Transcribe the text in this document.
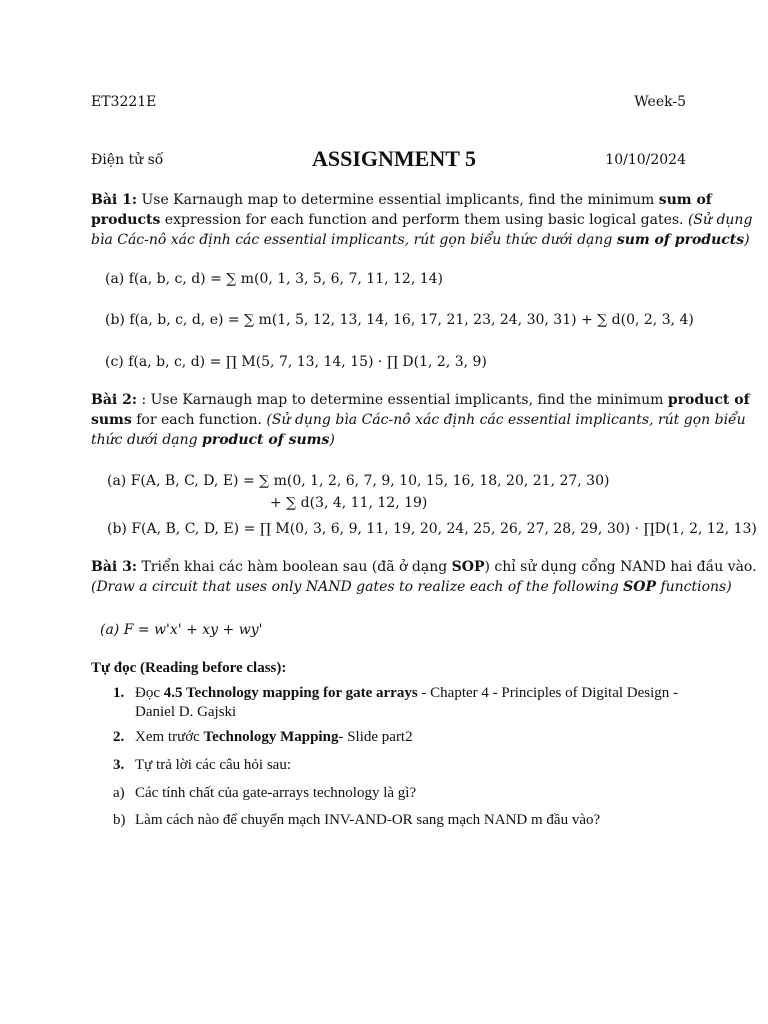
ET3221E	Week-5
Điện tử số	ASSIGNMENT 5	10/10/2024
Bài 1: Use Karnaugh map to determine essential implicants, find the minimum sum of
products expression for each function and perform them using basic logical gates. (Sử dụng
bìa Các-nô xác định các essential implicants, rút gọn biểu thức dưới dạng sum of products)
(a) f(a, b, c, d) = ∑ m(0, 1, 3, 5, 6, 7, 11, 12, 14)
(b) f(a, b, c, d, e) = ∑ m(1, 5, 12, 13, 14, 16, 17, 21, 23, 24, 30, 31) + ∑ d(0, 2, 3, 4)
(c) f(a, b, c, d) = ∏ M(5, 7, 13, 14, 15) · ∏ D(1, 2, 3, 9)
Bài 2: : Use Karnaugh map to determine essential implicants, find the minimum product of
sums for each function. (Sử dụng bìa Các-nô xác định các essential implicants, rút gọn biểu
thức dưới dạng product of sums)
(a) F(A, B, C, D, E) = ∑ m(0, 1, 2, 6, 7, 9, 10, 15, 16, 18, 20, 21, 27, 30)
+ ∑ d(3, 4, 11, 12, 19)
(b) F(A, B, C, D, E) = ∏ M(0, 3, 6, 9, 11, 19, 20, 24, 25, 26, 27, 28, 29, 30) · ∏D(1, 2, 12, 13)
Bài 3: Triển khai các hàm boolean sau (đã ở dạng SOP) chỉ sử dụng cổng NAND hai đầu vào.
(Draw a circuit that uses only NAND gates to realize each of the following SOP functions)
(a) F = w'x' + xy + wy'
Tự đọc (Reading before class):
1. Đọc 4.5 Technology mapping for gate arrays - Chapter 4 - Principles of Digital Design -
Daniel D. Gajski
2. Xem trước Technology Mapping- Slide part2
3. Tự trả lời các câu hỏi sau:
a) Các tính chất của gate-arrays technology là gì?
b) Làm cách nào để chuyển mạch INV-AND-OR sang mạch NAND m đầu vào?
